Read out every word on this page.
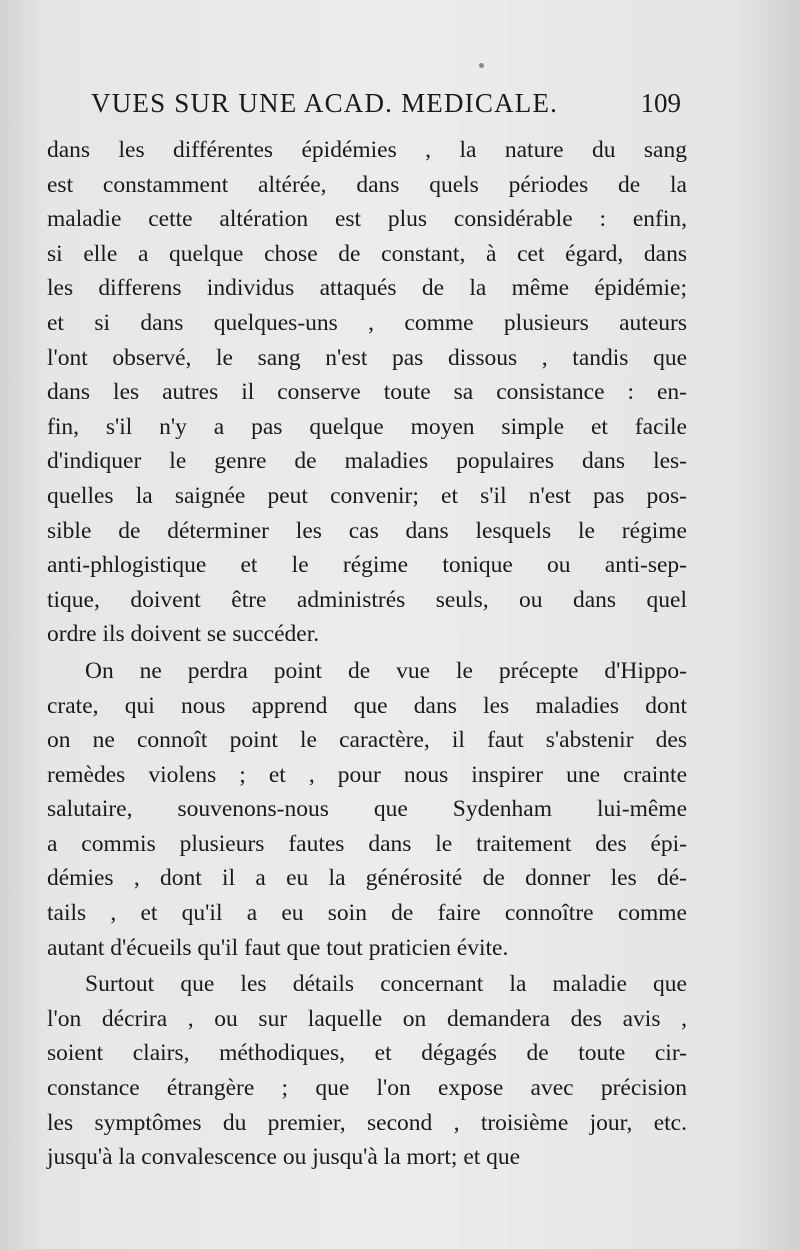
VUES SUR UNE ACAD. MEDICALE.	109
dans les différentes épidémies , la nature du sang
est constamment altérée, dans quels périodes de la
maladie cette altération est plus considérable : enfin,
si elle a quelque chose de constant, à cet égard, dans
les differens individus attaqués de la même épidémie;
et si dans quelques-uns , comme plusieurs auteurs
l'ont observé, le sang n'est pas dissous , tandis que
dans les autres il conserve toute sa consistance : en-
fin, s'il n'y a pas quelque moyen simple et facile
d'indiquer le genre de maladies populaires dans les-
quelles la saignée peut convenir; et s'il n'est pas pos-
sible de déterminer les cas dans lesquels le régime
anti-phlogistique et le régime tonique ou anti-sep-
tique, doivent être administrés seuls, ou dans quel
ordre ils doivent se succéder.
On ne perdra point de vue le précepte d'Hippo-
crate, qui nous apprend que dans les maladies dont
on ne connoît point le caractère, il faut s'abstenir des
remèdes violens ; et , pour nous inspirer une crainte
salutaire, souvenons-nous que Sydenham lui-même
a commis plusieurs fautes dans le traitement des épi-
démies , dont il a eu la générosité de donner les dé-
tails , et qu'il a eu soin de faire connoître comme
autant d'écueils qu'il faut que tout praticien évite.
Surtout que les détails concernant la maladie que
l'on décrira , ou sur laquelle on demandera des avis ,
soient clairs, méthodiques, et dégagés de toute cir-
constance étrangère ; que l'on expose avec précision
les symptômes du premier, second , troisième jour, etc.
jusqu'à la convalescence ou jusqu'à la mort; et que
